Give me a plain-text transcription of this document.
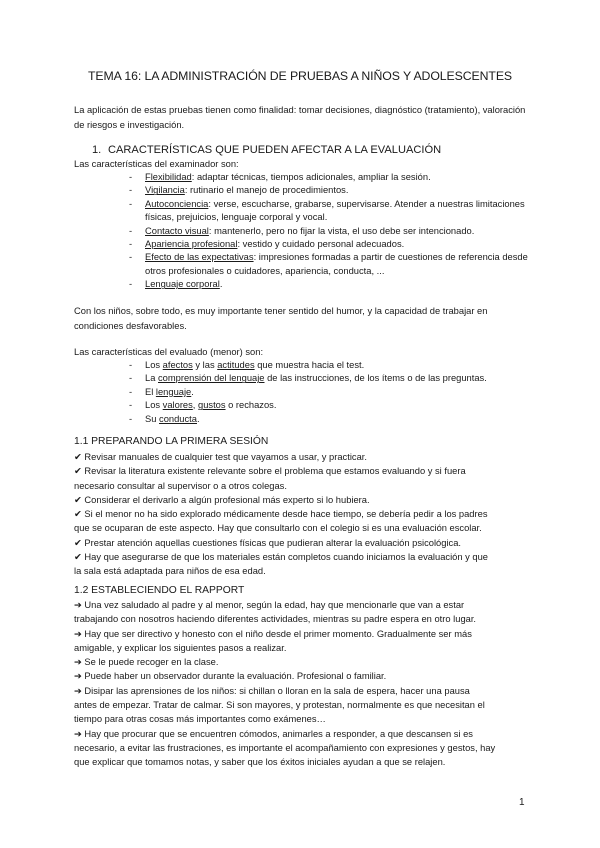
TEMA 16: LA ADMINISTRACIÓN DE PRUEBAS A NIÑOS Y ADOLESCENTES
La aplicación de estas pruebas tienen como finalidad: tomar decisiones, diagnóstico (tratamiento), valoración de riesgos e investigación.
1. CARACTERÍSTICAS QUE PUEDEN AFECTAR A LA EVALUACIÓN
Las características del examinador son:
- Flexibilidad: adaptar técnicas, tiempos adicionales, ampliar la sesión.
- Vigilancia: rutinario el manejo de procedimientos.
- Autoconciencia: verse, escucharse, grabarse, supervisarse. Atender a nuestras limitaciones físicas, prejuicios, lenguaje corporal y vocal.
- Contacto visual: mantenerlo, pero no fijar la vista, el uso debe ser intencionado.
- Apariencia profesional: vestido y cuidado personal adecuados.
- Efecto de las expectativas: impresiones formadas a partir de cuestiones de referencia desde otros profesionales o cuidadores, apariencia, conducta, ...
- Lenguaje corporal.
Con los niños, sobre todo, es muy importante tener sentido del humor, y la capacidad de trabajar en condiciones desfavorables.
Las características del evaluado (menor) son:
- Los afectos y las actitudes que muestra hacia el test.
- La comprensión del lenguaje de las instrucciones, de los ítems o de las preguntas.
- El lenguaje.
- Los valores, gustos o rechazos.
- Su conducta.
1.1 PREPARANDO LA PRIMERA SESIÓN
✔ Revisar manuales de cualquier test que vayamos a usar, y practicar.
✔ Revisar la literatura existente relevante sobre el problema que estamos evaluando y si fuera
necesario consultar al supervisor o a otros colegas.
✔ Considerar el derivarlo a algún profesional más experto si lo hubiera.
✔ Si el menor no ha sido explorado médicamente desde hace tiempo, se debería pedir a los padres
que se ocuparan de este aspecto. Hay que consultarlo con el colegio si es una evaluación escolar.
✔ Prestar atención aquellas cuestiones físicas que pudieran alterar la evaluación psicológica.
✔ Hay que asegurarse de que los materiales están completos cuando iniciamos la evaluación y que
la sala está adaptada para niños de esa edad.
1.2 ESTABLECIENDO EL RAPPORT
➔ Una vez saludado al padre y al menor, según la edad, hay que mencionarle que van a estar
trabajando con nosotros haciendo diferentes actividades, mientras su padre espera en otro lugar.
➔ Hay que ser directivo y honesto con el niño desde el primer momento. Gradualmente ser más
amigable, y explicar los siguientes pasos a realizar.
➔ Se le puede recoger en la clase.
➔ Puede haber un observador durante la evaluación. Profesional o familiar.
➔ Disipar las aprensiones de los niños: si chillan o lloran en la sala de espera, hacer una pausa
antes de empezar. Tratar de calmar. Si son mayores, y protestan, normalmente es que necesitan el
tiempo para otras cosas más importantes como exámenes…
➔ Hay que procurar que se encuentren cómodos, animarles a responder, a que descansen si es
necesario, a evitar las frustraciones, es importante el acompañamiento con expresiones y gestos, hay
que explicar que tomamos notas, y saber que los éxitos iniciales ayudan a que se relajen.
1
